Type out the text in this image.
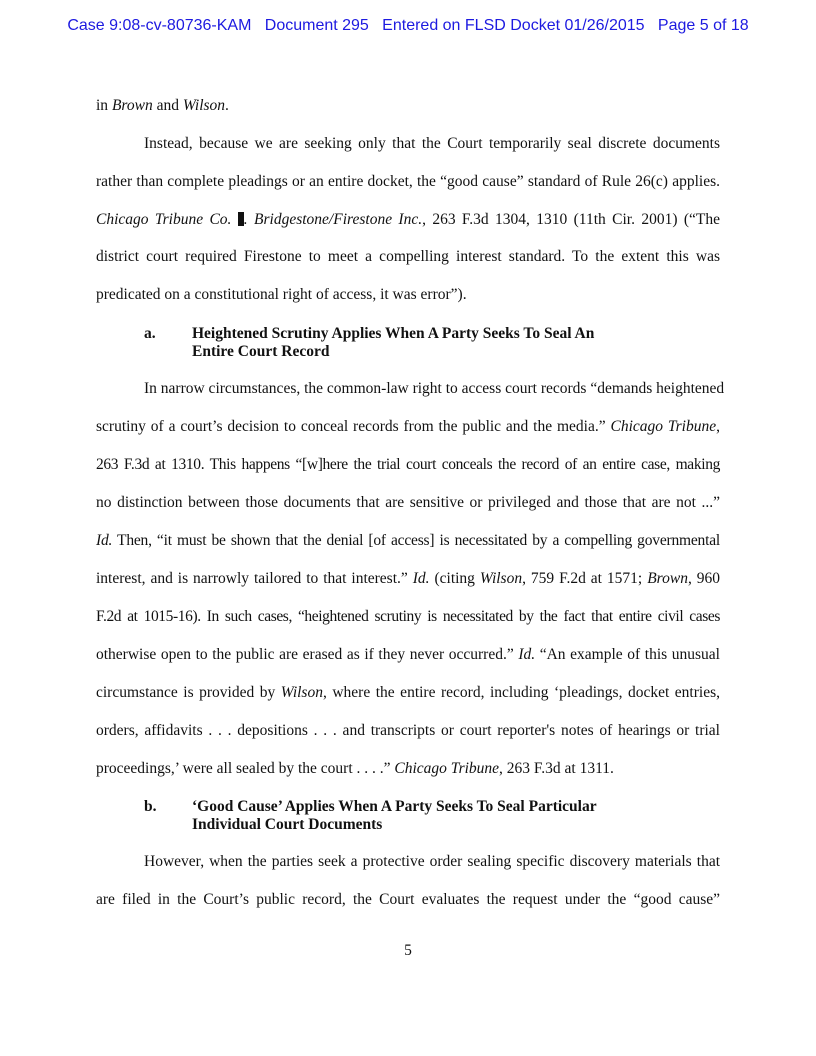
Case 9:08-cv-80736-KAM Document 295 Entered on FLSD Docket 01/26/2015 Page 5 of 18
in Brown and Wilson.
Instead, because we are seeking only that the Court temporarily seal discrete documents
rather than complete pleadings or an entire docket, the “good cause” standard of Rule 26(c) applies.
Chicago Tribune Co. . Bridgestone/Firestone Inc., 263 F.3d 1304, 1310 (11th Cir. 2001) (“The
district court required Firestone to meet a compelling interest standard. To the extent this was
predicated on a constitutional right of access, it was error”).
a. Heightened Scrutiny Applies When A Party Seeks To Seal An
Entire Court Record
In narrow circumstances, the common-law right to access court records “demands heightened
scrutiny of a court’s decision to conceal records from the public and the media.” Chicago Tribune,
263 F.3d at 1310. This happens “[w]here the trial court conceals the record of an entire case, making
no distinction between those documents that are sensitive or privileged and those that are not ...”
Id. Then, “it must be shown that the denial [of access] is necessitated by a compelling governmental
interest, and is narrowly tailored to that interest.” Id. (citing Wilson, 759 F.2d at 1571; Brown, 960
F.2d at 1015-16). In such cases, “heightened scrutiny is necessitated by the fact that entire civil cases
otherwise open to the public are erased as if they never occurred.” Id. “An example of this unusual
circumstance is provided by Wilson, where the entire record, including ‘pleadings, docket entries,
orders, affidavits . . . depositions . . . and transcripts or court reporter's notes of hearings or trial
proceedings,’ were all sealed by the court . . . .” Chicago Tribune, 263 F.3d at 1311.
b. ‘Good Cause’ Applies When A Party Seeks To Seal Particular
Individual Court Documents
However, when the parties seek a protective order sealing specific discovery materials that
are filed in the Court’s public record, the Court evaluates the request under the “good cause”
5
